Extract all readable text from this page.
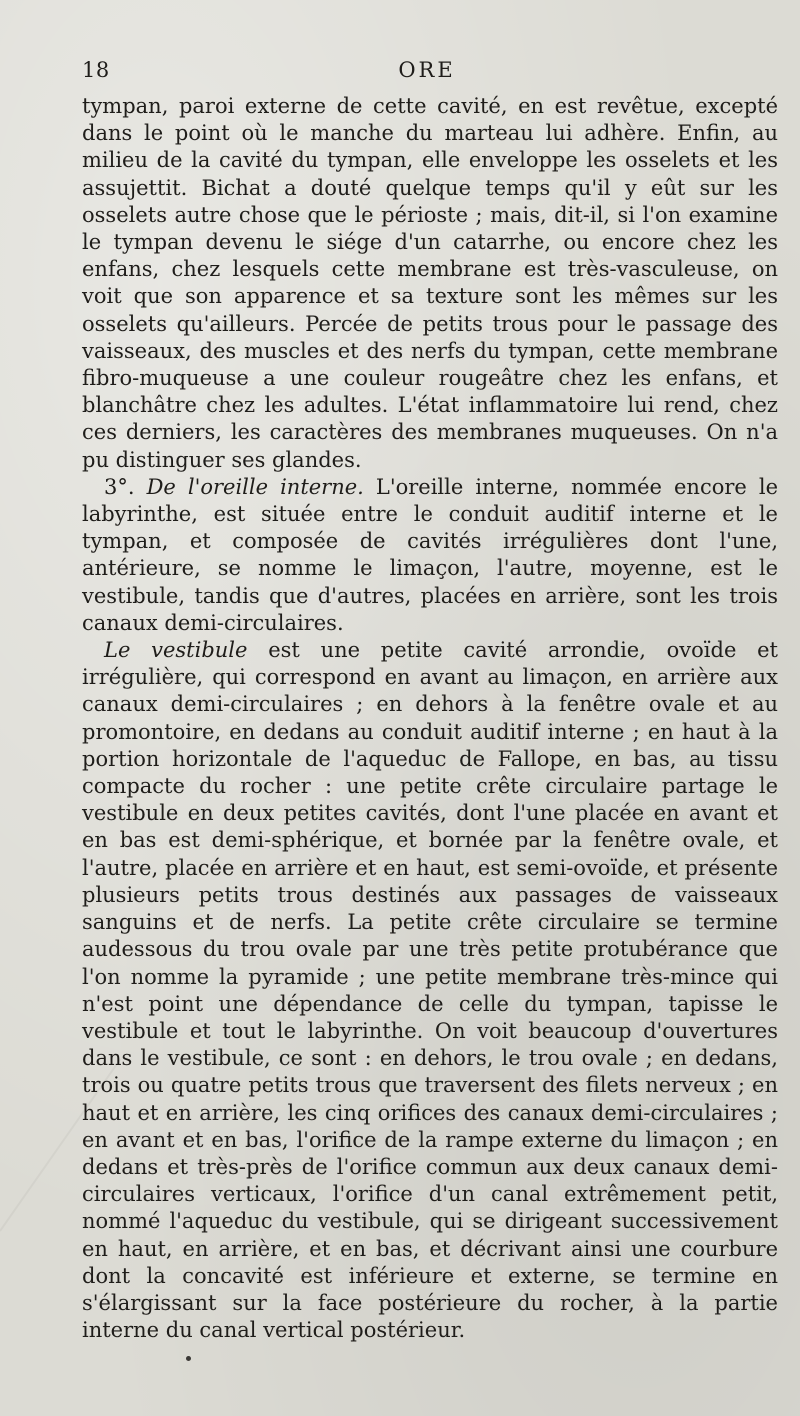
18	ORE

tympan, paroi externe de cette cavité, en est revêtue, excepté dans le point où le manche du marteau lui adhère. Enfin, au milieu de la cavité du tympan, elle enveloppe les osselets et les assujettit. Bichat a douté quelque temps qu'il y eût sur les osselets autre chose que le périoste ; mais, dit-il, si l'on examine le tympan devenu le siége d'un catarrhe, ou encore chez les enfans, chez lesquels cette membrane est très-vasculeuse, on voit que son apparence et sa texture sont les mêmes sur les osselets qu'ailleurs. Percée de petits trous pour le passage des vaisseaux, des muscles et des nerfs du tympan, cette membrane fibro-muqueuse a une couleur rougeâtre chez les enfans, et blanchâtre chez les adultes. L'état inflammatoire lui rend, chez ces derniers, les caractères des membranes muqueuses. On n'a pu distinguer ses glandes.

3°. De l'oreille interne. L'oreille interne, nommée encore le labyrinthe, est située entre le conduit auditif interne et le tympan, et composée de cavités irrégulières dont l'une, antérieure, se nomme le limaçon, l'autre, moyenne, est le vestibule, tandis que d'autres, placées en arrière, sont les trois canaux demi-circulaires.

Le vestibule est une petite cavité arrondie, ovoïde et irrégulière, qui correspond en avant au limaçon, en arrière aux canaux demi-circulaires ; en dehors à la fenêtre ovale et au promontoire, en dedans au conduit auditif interne ; en haut à la portion horizontale de l'aqueduc de Fallope, en bas, au tissu compacte du rocher : une petite crête circulaire partage le vestibule en deux petites cavités, dont l'une placée en avant et en bas est demi-sphérique, et bornée par la fenêtre ovale, et l'autre, placée en arrière et en haut, est semi-ovoïde, et présente plusieurs petits trous destinés aux passages de vaisseaux sanguins et de nerfs. La petite crête circulaire se termine audessous du trou ovale par une très petite protubérance que l'on nomme la pyramide ; une petite membrane très-mince qui n'est point une dépendance de celle du tympan, tapisse le vestibule et tout le labyrinthe. On voit beaucoup d'ouvertures dans le vestibule, ce sont : en dehors, le trou ovale ; en dedans, trois ou quatre petits trous que traversent des filets nerveux ; en haut et en arrière, les cinq orifices des canaux demi-circulaires ; en avant et en bas, l'orifice de la rampe externe du limaçon ; en dedans et très-près de l'orifice commun aux deux canaux demi-circulaires verticaux, l'orifice d'un canal extrêmement petit, nommé l'aqueduc du vestibule, qui se dirigeant successivement en haut, en arrière, et en bas, et décrivant ainsi une courbure dont la concavité est inférieure et externe, se termine en s'élargissant sur la face postérieure du rocher, à la partie interne du canal vertical postérieur.
